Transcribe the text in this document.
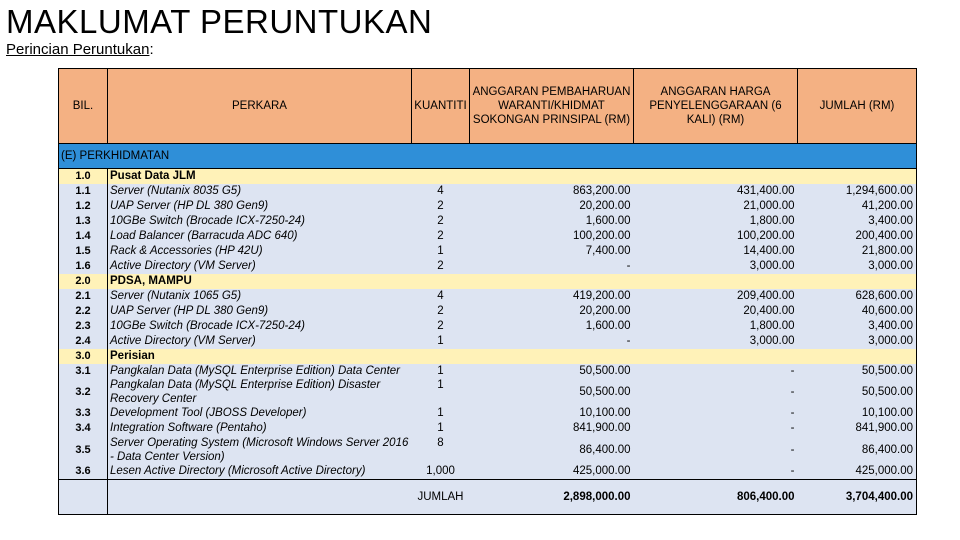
MAKLUMAT PERUNTUKAN
Perincian Peruntukan:
BIL.	PERKARA	KUANTITI	ANGGARAN PEMBAHARUAN WARANTI/KHIDMAT SOKONGAN PRINSIPAL (RM)	ANGGARAN HARGA PENYELENGGARAAN (6 KALI) (RM)	JUMLAH (RM)
(E) PERKHIDMATAN					
1.0	Pusat Data JLM				
1.1	Server (Nutanix 8035 G5)	4	863,200.00	431,400.00	1,294,600.00
1.2	UAP Server (HP DL 380 Gen9)	2	20,200.00	21,000.00	41,200.00
1.3	10GBe Switch (Brocade ICX-7250-24)	2	1,600.00	1,800.00	3,400.00
1.4	Load Balancer (Barracuda ADC 640)	2	100,200.00	100,200.00	200,400.00
1.5	Rack & Accessories (HP 42U)	1	7,400.00	14,400.00	21,800.00
1.6	Active Directory (VM Server)	2	-	3,000.00	3,000.00
2.0	PDSA, MAMPU				
2.1	Server (Nutanix 1065 G5)	4	419,200.00	209,400.00	628,600.00
2.2	UAP Server (HP DL 380 Gen9)	2	20,200.00	20,400.00	40,600.00
2.3	10GBe Switch (Brocade ICX-7250-24)	2	1,600.00	1,800.00	3,400.00
2.4	Active Directory (VM Server)	1	-	3,000.00	3,000.00
3.0	Perisian				
3.1	Pangkalan Data (MySQL Enterprise Edition) Data Center	1	50,500.00	-	50,500.00
3.2	Pangkalan Data (MySQL Enterprise Edition) Disaster Recovery Center	1	50,500.00	-	50,500.00
3.3	Development Tool (JBOSS Developer)	1	10,100.00	-	10,100.00
3.4	Integration Software (Pentaho)	1	841,900.00	-	841,900.00
3.5	Server Operating System (Microsoft Windows Server 2016 - Data Center Version)	8	86,400.00	-	86,400.00
3.6	Lesen Active Directory (Microsoft Active Directory)	1,000	425,000.00	-	425,000.00
		JUMLAH	2,898,000.00	806,400.00	3,704,400.00
